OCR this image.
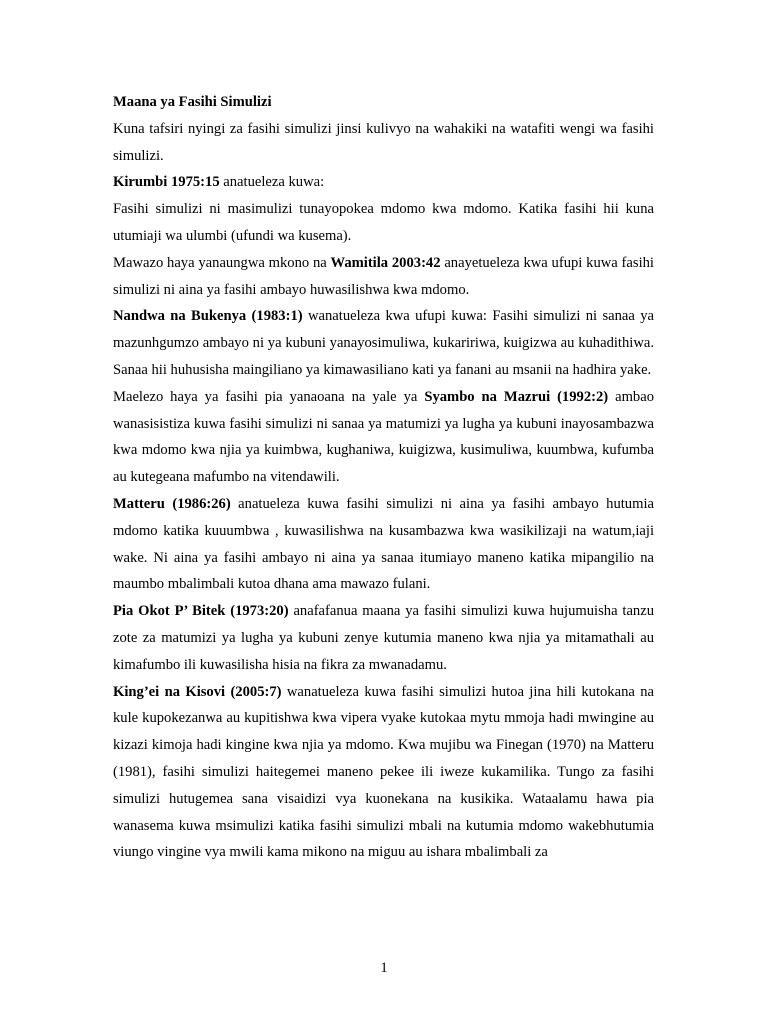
Maana ya Fasihi Simulizi

Kuna tafsiri nyingi za fasihi simulizi jinsi kulivyo na wahakiki na watafiti wengi wa fasihi simulizi.

Kirumbi 1975:15 anatueleza kuwa:

Fasihi simulizi ni masimulizi tunayopokea mdomo kwa mdomo. Katika fasihi hii kuna utumiaji wa ulumbi (ufundi wa kusema).

Mawazo haya yanaungwa mkono na Wamitila 2003:42 anayetueleza kwa ufupi kuwa fasihi simulizi ni aina ya fasihi ambayo huwasilishwa kwa mdomo.

Nandwa na Bukenya (1983:1) wanatueleza kwa ufupi kuwa: Fasihi simulizi ni sanaa ya mazunhgumzo ambayo ni ya kubuni yanayosimuliwa, kukaririwa, kuigizwa au kuhadithiwa. Sanaa hii huhusisha maingiliano ya kimawasiliano kati ya fanani au msanii na hadhira yake.

Maelezo haya ya fasihi pia yanaoana na yale ya Syambo na Mazrui (1992:2) ambao wanasisistiza kuwa fasihi simulizi ni sanaa ya matumizi ya lugha ya kubuni inayosambazwa kwa mdomo kwa njia ya kuimbwa, kughaniwa, kuigizwa, kusimuliwa, kuumbwa, kufumba au kutegeana mafumbo na vitendawili.

Matteru (1986:26) anatueleza kuwa fasihi simulizi ni aina ya fasihi ambayo hutumia mdomo katika kuuumbwa , kuwasilishwa na kusambazwa kwa wasikilizaji na watum,iaji wake. Ni aina ya fasihi ambayo ni aina ya sanaa itumiayo maneno katika mipangilio na maumbo mbalimbali kutoa dhana ama mawazo fulani.

Pia Okot P’ Bitek (1973:20) anafafanua maana ya fasihi simulizi kuwa hujumuisha tanzu zote za matumizi ya lugha ya kubuni zenye kutumia maneno kwa njia ya mitamathali au kimafumbo ili kuwasilisha hisia na fikra za mwanadamu.

King’ei na Kisovi (2005:7) wanatueleza kuwa fasihi simulizi hutoa jina hili kutokana na kule kupokezanwa au kupitishwa kwa vipera vyake kutokaa mytu mmoja hadi mwingine au kizazi kimoja hadi kingine kwa njia ya mdomo. Kwa mujibu wa Finegan (1970) na Matteru (1981), fasihi simulizi haitegemei maneno pekee ili iweze kukamilika. Tungo za fasihi simulizi hutugemea sana visaidizi vya kuonekana na kusikika. Wataalamu hawa pia wanasema kuwa msimulizi katika fasihi simulizi mbali na kutumia mdomo wakebhutumia viungo vingine vya mwili kama mikono na miguu au ishara mbalimbali za

1
